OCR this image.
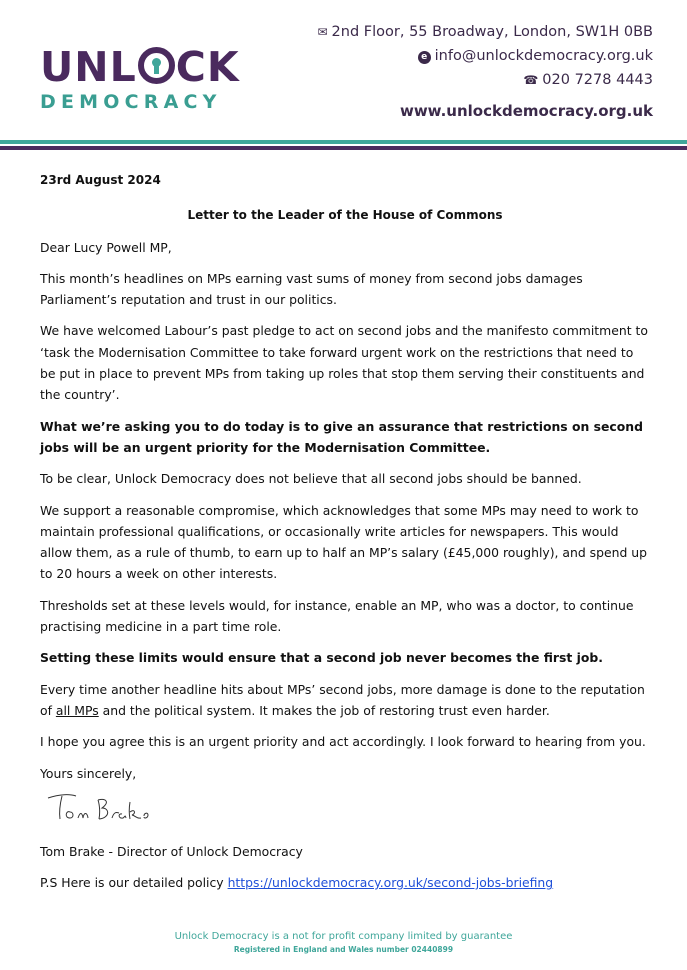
UNL CK
DEMOCRACY
✉ 2nd Floor, 55 Broadway, London, SW1H 0BB
e info@unlockdemocracy.org.uk
☎ 020 7278 4443
www.unlockdemocracy.org.uk
23rd August 2024
Letter to the Leader of the House of Commons

Dear Lucy Powell MP,

This month’s headlines on MPs earning vast sums of money from second jobs damages Parliament’s reputation and trust in our politics.

We have welcomed Labour’s past pledge to act on second jobs and the manifesto commitment to ‘task the Modernisation Committee to take forward urgent work on the restrictions that need to be put in place to prevent MPs from taking up roles that stop them serving their constituents and the country’.

What we’re asking you to do today is to give an assurance that restrictions on second jobs will be an urgent priority for the Modernisation Committee.

To be clear, Unlock Democracy does not believe that all second jobs should be banned.

We support a reasonable compromise, which acknowledges that some MPs may need to work to maintain professional qualifications, or occasionally write articles for newspapers. This would allow them, as a rule of thumb, to earn up to half an MP’s salary (£45,000 roughly), and spend up to 20 hours a week on other interests.

Thresholds set at these levels would, for instance, enable an MP, who was a doctor, to continue practising medicine in a part time role.

Setting these limits would ensure that a second job never becomes the first job.

Every time another headline hits about MPs’ second jobs, more damage is done to the reputation of all MPs and the political system. It makes the job of restoring trust even harder.

I hope you agree this is an urgent priority and act accordingly. I look forward to hearing from you.

Yours sincerely,

Tom Brake - Director of Unlock Democracy

P.S Here is our detailed policy https://unlockdemocracy.org.uk/second-jobs-briefing

Unlock Democracy is a not for profit company limited by guarantee
Registered in England and Wales number 02440899
